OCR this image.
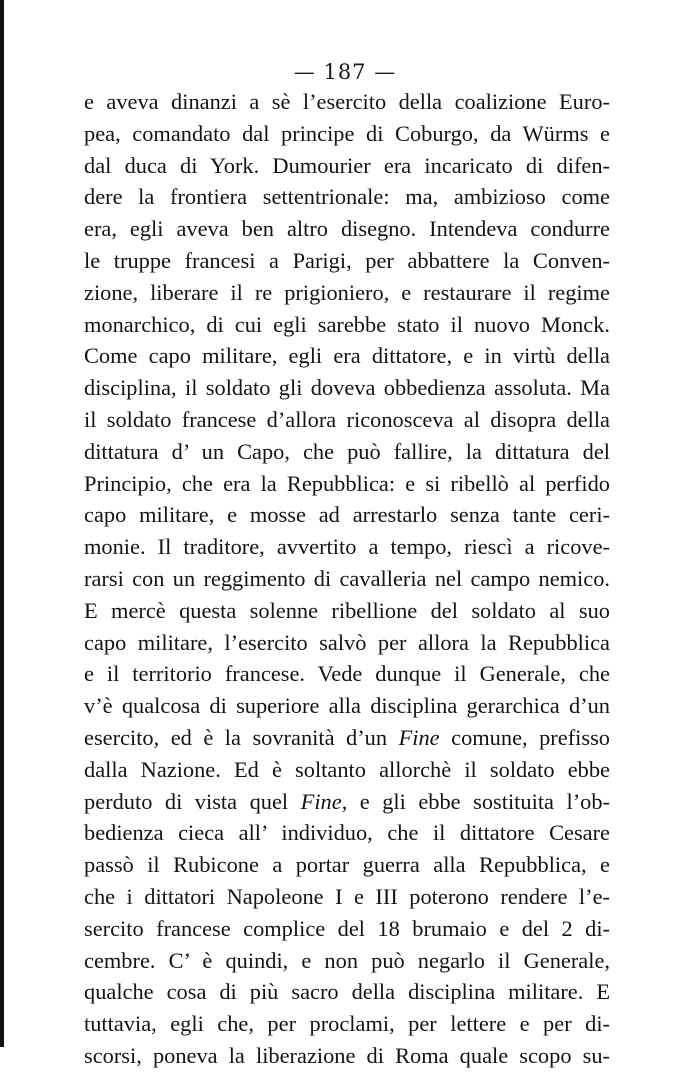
— 187 —
e aveva dinanzi a sè l’esercito della coalizione Euro-
pea, comandato dal principe di Coburgo, da Würms e
dal duca di York. Dumourier era incaricato di difen-
dere la frontiera settentrionale: ma, ambizioso come
era, egli aveva ben altro disegno. Intendeva condurre
le truppe francesi a Parigi, per abbattere la Conven-
zione, liberare il re prigioniero, e restaurare il regime
monarchico, di cui egli sarebbe stato il nuovo Monck.
Come capo militare, egli era dittatore, e in virtù della
disciplina, il soldato gli doveva obbedienza assoluta. Ma
il soldato francese d’allora riconosceva al disopra della
dittatura d’ un Capo, che può fallire, la dittatura del
Principio, che era la Repubblica: e si ribellò al perfido
capo militare, e mosse ad arrestarlo senza tante ceri-
monie. Il traditore, avvertito a tempo, riescì a ricove-
rarsi con un reggimento di cavalleria nel campo nemico.
E mercè questa solenne ribellione del soldato al suo
capo militare, l’esercito salvò per allora la Repubblica
e il territorio francese. Vede dunque il Generale, che
v’è qualcosa di superiore alla disciplina gerarchica d’un
esercito, ed è la sovranità d’un Fine comune, prefisso
dalla Nazione. Ed è soltanto allorchè il soldato ebbe
perduto di vista quel Fine, e gli ebbe sostituita l’ob-
bedienza cieca all’ individuo, che il dittatore Cesare
passò il Rubicone a portar guerra alla Repubblica, e
che i dittatori Napoleone I e III poterono rendere l’e-
sercito francese complice del 18 brumaio e del 2 di-
cembre. C’ è quindi, e non può negarlo il Generale,
qualche cosa di più sacro della disciplina militare. E
tuttavia, egli che, per proclami, per lettere e per di-
scorsi, poneva la liberazione di Roma quale scopo su-
